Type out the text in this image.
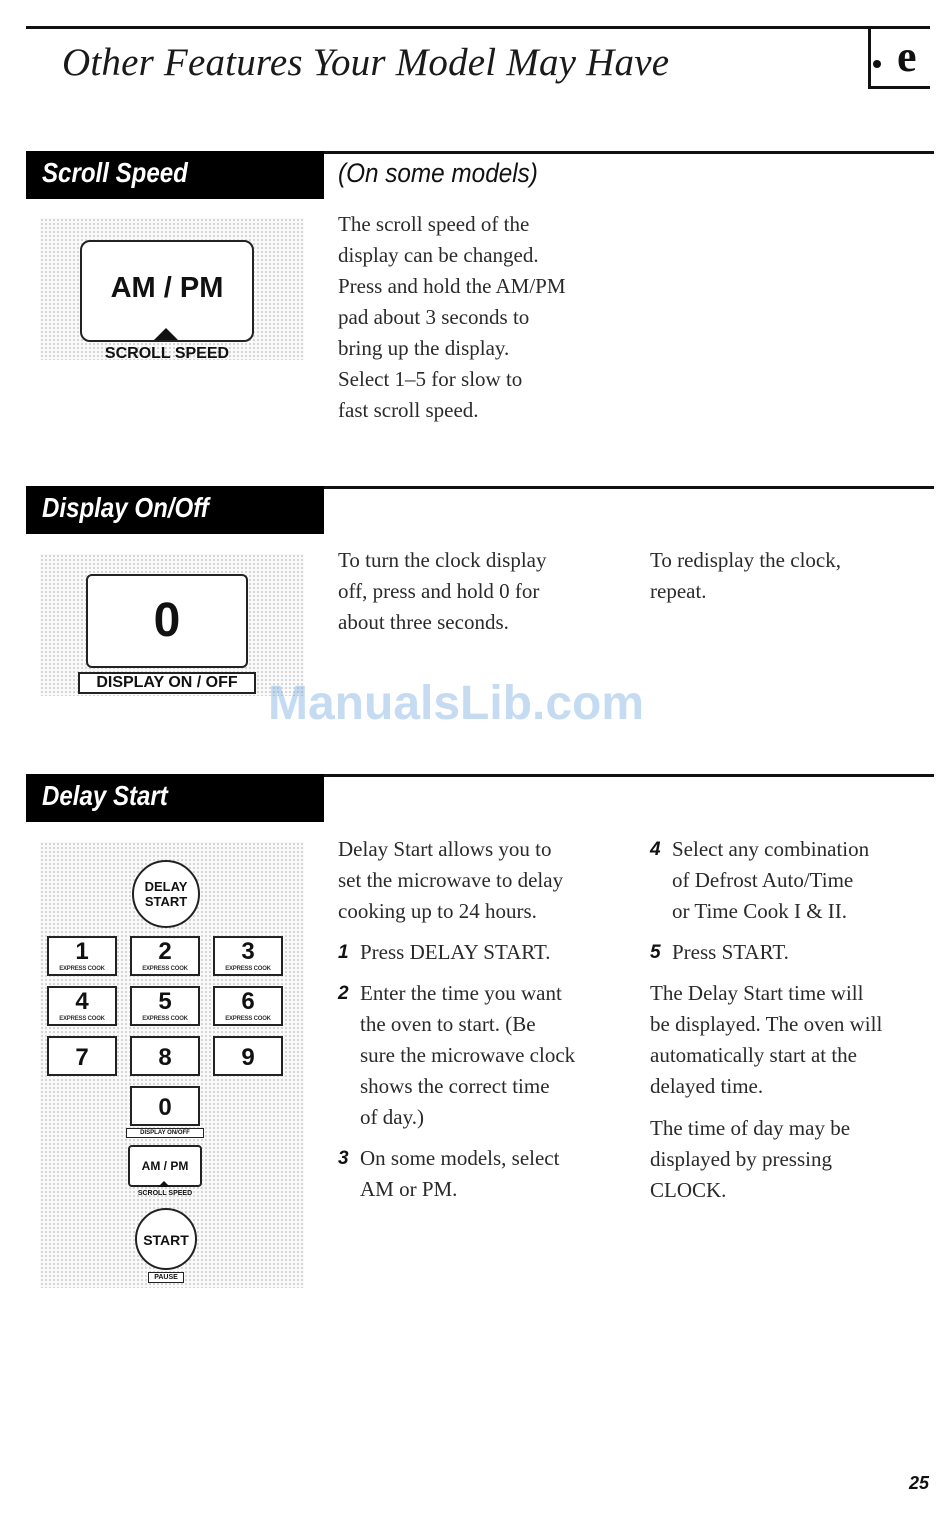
Other Features Your Model May Have	e
Scroll Speed	(On some models)
AM / PM
SCROLL SPEED

The scroll speed of the

display can be changed.

Press and hold the AM/PM

pad about 3 seconds to

bring up the display.

Select 1–5 for slow to

fast scroll speed.

Display On/Off
0
DISPLAY ON / OFF

To turn the clock display

off, press and hold 0 for

about three seconds.

To redisplay the clock,

repeat.

ManualsLib.com
Delay Start
DELAY
START
1
EXPRESS COOK
2
EXPRESS COOK
3
EXPRESS COOK
4
EXPRESS COOK
5
EXPRESS COOK
6
EXPRESS COOK
7	8	9
0
DISPLAY ON/OFF
AM / PM
SCROLL SPEED
START
PAUSE

Delay Start allows you to

set the microwave to delay

cooking up to 24 hours.

1 Press DELAY START.

2 Enter the time you want

the oven to start. (Be

sure the microwave clock

shows the correct time

of day.)

3 On some models, select

AM or PM.

4 Select any combination

of Defrost Auto/Time

or Time Cook I & II.

5 Press START.

The Delay Start time will

be displayed. The oven will

automatically start at the

delayed time.

The time of day may be

displayed by pressing

CLOCK.

25
